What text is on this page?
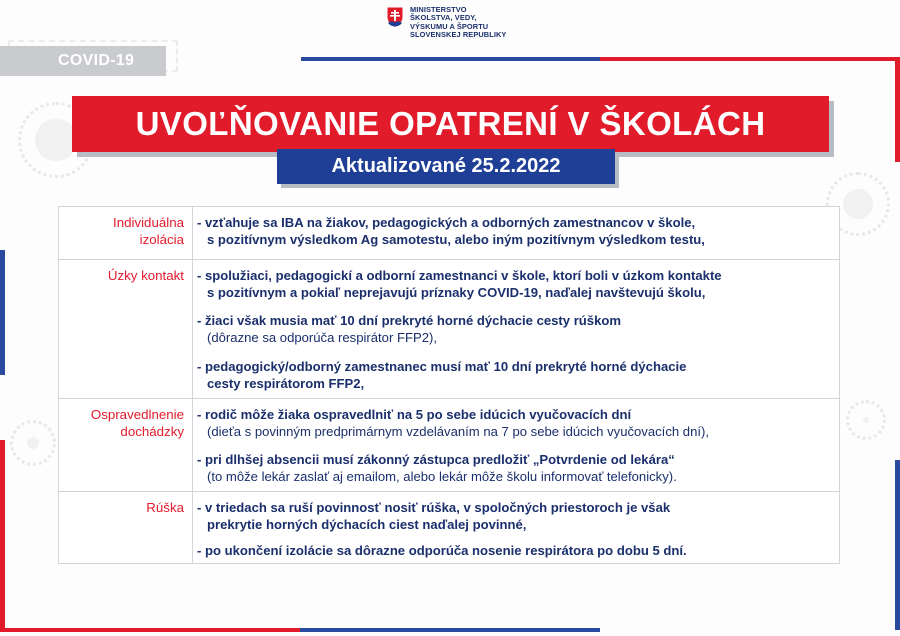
MINISTERSTVO
ŠKOLSTVA, VEDY,
VÝSKUMU A ŠPORTU
SLOVENSKEJ REPUBLIKY
COVID-19
UVOĽŇOVANIE OPATRENÍ V ŠKOLÁCH
Aktualizované 25.2.2022
Individuálna
izolácia
- vzťahuje sa IBA na žiakov, pedagogických a odborných zamestnancov v škole,
s pozitívnym výsledkom Ag samotestu, alebo iným pozitívnym výsledkom testu,
Úzky kontakt - spolužiaci, pedagogickí a odborní zamestnanci v škole, ktorí boli v úzkom kontakte
s pozitívnym a pokiaľ neprejavujú príznaky COVID-19, naďalej navštevujú školu,
- žiaci však musia mať 10 dní prekryté horné dýchacie cesty rúškom
(dôrazne sa odporúča respirátor FFP2),
- pedagogický/odborný zamestnanec musí mať 10 dní prekryté horné dýchacie
cesty respirátorom FFP2,
Ospravedlnenie
dochádzky
- rodič môže žiaka ospravedlniť na 5 po sebe idúcich vyučovacích dní
(dieťa s povinným predprimárnym vzdelávaním na 7 po sebe idúcich vyučovacích dní),
- pri dlhšej absencii musí zákonný zástupca predložiť „Potvrdenie od lekára“
(to môže lekár zaslať aj emailom, alebo lekár môže školu informovať telefonicky).
Rúška - v triedach sa ruší povinnosť nosiť rúška, v spoločných priestoroch je však
prekrytie horných dýchacích ciest naďalej povinné,
- po ukončení izolácie sa dôrazne odporúča nosenie respirátora po dobu 5 dní.
